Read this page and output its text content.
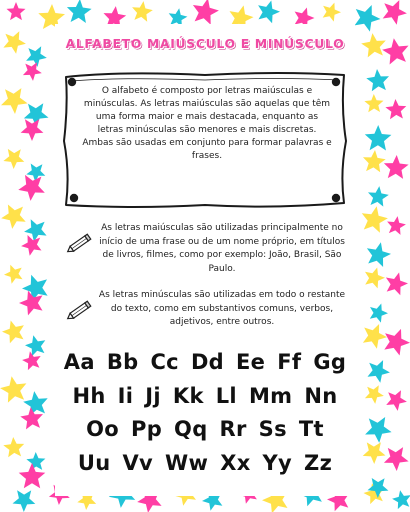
ALFABETO MAIÚSCULO E MINÚSCULO

O alfabeto é composto por letras maiúsculas e minúsculas. As letras maiúsculas são aquelas que têm uma forma maior e mais destacada, enquanto as letras minúsculas são menores e mais discretas. Ambas são usadas em conjunto para formar palavras e frases.

As letras maiúsculas são utilizadas principalmente no início de uma frase ou de um nome próprio, em títulos de livros, filmes, como por exemplo: João, Brasil, São Paulo.

As letras minúsculas são utilizadas em todo o restante do texto, como em substantivos comuns, verbos, adjetivos, entre outros.

Aa Bb Cc Dd Ee Ff Gg
Hh Ii Jj Kk Ll Mm Nn
Oo Pp Qq Rr Ss Tt
Uu Vv Ww Xx Yy Zz
